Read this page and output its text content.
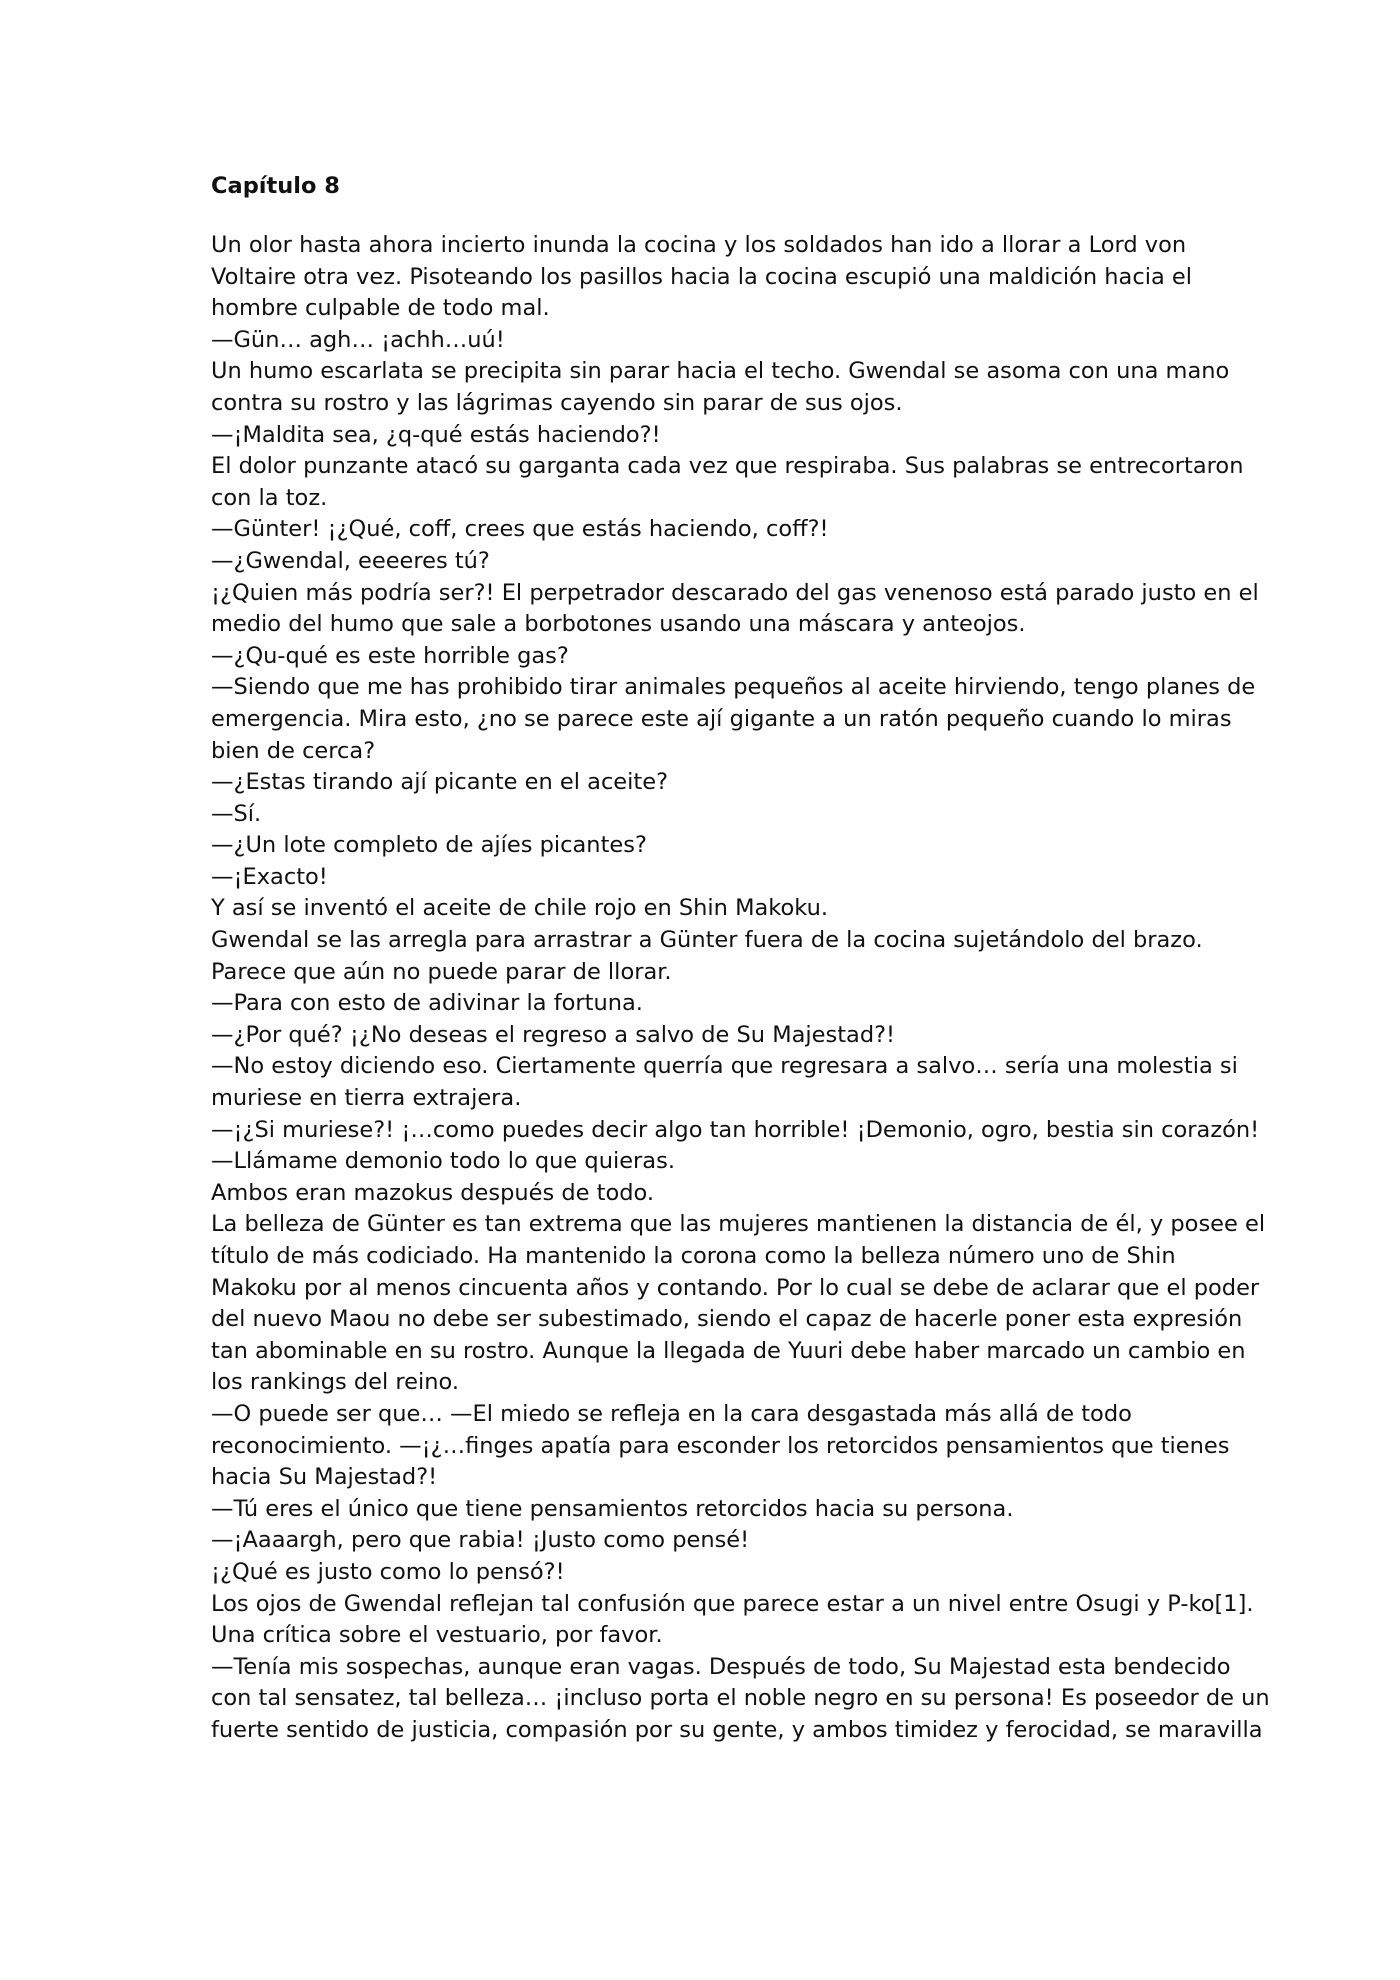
Capítulo 8

Un olor hasta ahora incierto inunda la cocina y los soldados han ido a llorar a Lord von

Voltaire otra vez. Pisoteando los pasillos hacia la cocina escupió una maldición hacia el

hombre culpable de todo mal.

—Gün… agh… ¡achh…uú!

Un humo escarlata se precipita sin parar hacia el techo. Gwendal se asoma con una mano

contra su rostro y las lágrimas cayendo sin parar de sus ojos.

—¡Maldita sea, ¿q-qué estás haciendo?!

El dolor punzante atacó su garganta cada vez que respiraba. Sus palabras se entrecortaron

con la toz.

—Günter! ¡¿Qué, coff, crees que estás haciendo, coff?!

—¿Gwendal, eeeeres tú?

¡¿Quien más podría ser?! El perpetrador descarado del gas venenoso está parado justo en el

medio del humo que sale a borbotones usando una máscara y anteojos.

—¿Qu-qué es este horrible gas?

—Siendo que me has prohibido tirar animales pequeños al aceite hirviendo, tengo planes de

emergencia. Mira esto, ¿no se parece este ají gigante a un ratón pequeño cuando lo miras

bien de cerca?

—¿Estas tirando ají picante en el aceite?

—Sí.

—¿Un lote completo de ajíes picantes?

—¡Exacto!

Y así se inventó el aceite de chile rojo en Shin Makoku.

Gwendal se las arregla para arrastrar a Günter fuera de la cocina sujetándolo del brazo.

Parece que aún no puede parar de llorar.

—Para con esto de adivinar la fortuna.

—¿Por qué? ¡¿No deseas el regreso a salvo de Su Majestad?!

—No estoy diciendo eso. Ciertamente querría que regresara a salvo… sería una molestia si

muriese en tierra extrajera.

—¡¿Si muriese?! ¡…como puedes decir algo tan horrible! ¡Demonio, ogro, bestia sin corazón!

—Llámame demonio todo lo que quieras.

Ambos eran mazokus después de todo.

La belleza de Günter es tan extrema que las mujeres mantienen la distancia de él, y posee el

título de más codiciado. Ha mantenido la corona como la belleza número uno de Shin

Makoku por al menos cincuenta años y contando. Por lo cual se debe de aclarar que el poder

del nuevo Maou no debe ser subestimado, siendo el capaz de hacerle poner esta expresión

tan abominable en su rostro. Aunque la llegada de Yuuri debe haber marcado un cambio en

los rankings del reino.

—O puede ser que… —El miedo se refleja en la cara desgastada más allá de todo

reconocimiento. —¡¿…finges apatía para esconder los retorcidos pensamientos que tienes

hacia Su Majestad?!

—Tú eres el único que tiene pensamientos retorcidos hacia su persona.

—¡Aaaargh, pero que rabia! ¡Justo como pensé!

¡¿Qué es justo como lo pensó?!

Los ojos de Gwendal reflejan tal confusión que parece estar a un nivel entre Osugi y P-ko[1].

Una crítica sobre el vestuario, por favor.

—Tenía mis sospechas, aunque eran vagas. Después de todo, Su Majestad esta bendecido

con tal sensatez, tal belleza… ¡incluso porta el noble negro en su persona! Es poseedor de un

fuerte sentido de justicia, compasión por su gente, y ambos timidez y ferocidad, se maravilla
